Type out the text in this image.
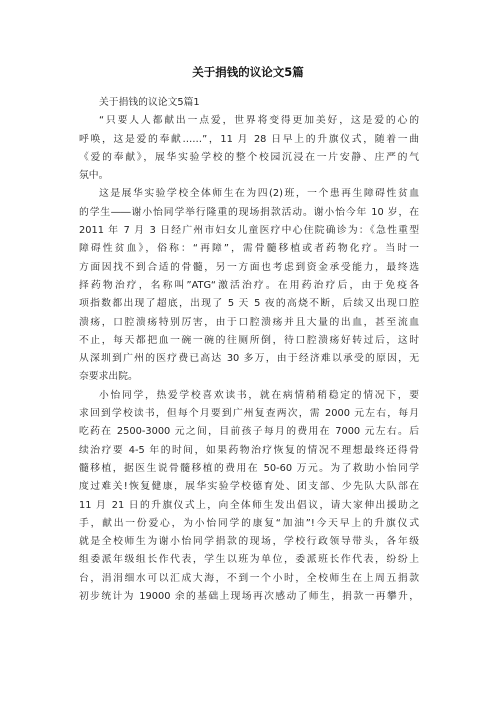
关于捐钱的议论文5篇
关于捐钱的议论文5篇1
“只要人人都献出一点爱，世界将变得更加美好，这是爱的心的
呼唤，这是爱的奉献……”，11 月 28 日早上的升旗仪式，随着一曲
《爱的奉献》，展华实验学校的整个校园沉浸在一片安静、庄严的气
氛中。
这是展华实验学校全体师生在为四(2)班，一个患再生障碍性贫血
的学生――谢小怡同学举行隆重的现场捐款活动。谢小怡今年 10 岁，在
2011 年 7 月 3 日经广州市妇女儿童医疗中心住院确诊为：《急性重型
障碍性贫血》，俗称：“再障”，需骨髓移植或者药物化疗。当时一
方面因找不到合适的骨髓，另一方面也考虑到资金承受能力，最终选
择药物治疗，名称叫”ATG“激活治疗。在用药治疗后，由于免疫各
项指数都出现了超底，出现了 5 天 5 夜的高烧不断，后续又出现口腔
溃疡，口腔溃疡特别厉害，由于口腔溃疡并且大量的出血，甚至流血
不止，每天都把血一碗一碗的往厕所倒，待口腔溃疡好转过后，这时
从深圳到广州的医疗费已高达 30 多万，由于经济难以承受的原因，无
奈要求出院。
小怡同学，热爱学校喜欢读书，就在病情稍稍稳定的情况下，要
求回到学校读书，但每个月要到广州复查两次，需 2000 元左右，每月
吃药在 2500-3000 元之间，目前孩子每月的费用在 7000 元左右。后
续治疗要 4-5 年的时间，如果药物治疗恢复的情况不理想最终还得骨
髓移植，据医生说骨髓移植的费用在 50-60 万元。为了救助小怡同学
度过难关!恢复健康，展华实验学校德育处、团支部、少先队大队部在
11 月 21 日的升旗仪式上，向全体师生发出倡议，请大家伸出援助之
手，献出一份爱心，为小怡同学的康复“加油”!今天早上的升旗仪式
就是全校师生为谢小怡同学捐款的现场，学校行政领导带头，各年级
组委派年级组长作代表，学生以班为单位，委派班长作代表，纷纷上
台，涓涓细水可以汇成大海，不到一个小时，全校师生在上周五捐款
初步统计为 19000 余的基础上现场再次感动了师生，捐款一再攀升，
